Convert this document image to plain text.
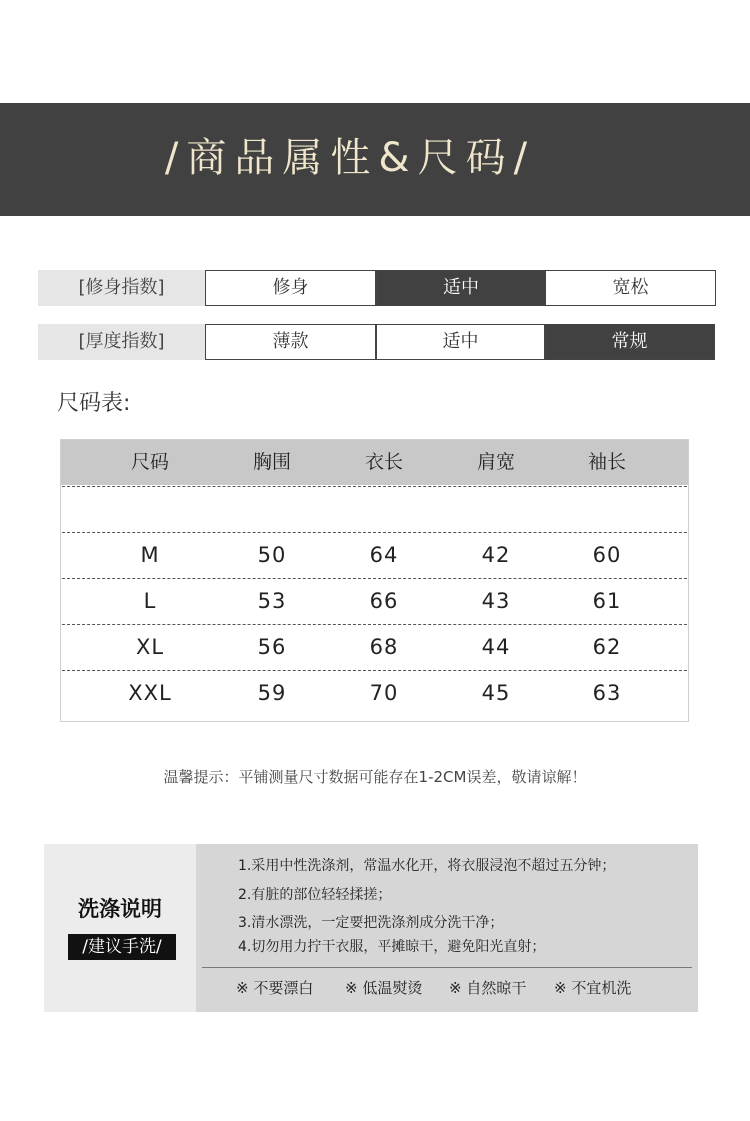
/商品属性&尺码/
[修身指数]	修身	适中	宽松
[厚度指数]	薄款	适中	常规
尺码表:
尺码	胸围	衣长	肩宽	袖长
M	50	64	42	60
L	53	66	43	61
XL	56	68	44	62
XXL	59	70	45	63
温馨提示：平铺测量尺寸数据可能存在1-2CM误差，敬请谅解！
洗涤说明
/建议手洗/
1.采用中性洗涤剂，常温水化开，将衣服浸泡不超过五分钟；
2.有脏的部位轻轻揉搓；
3.清水漂洗，一定要把洗涤剂成分洗干净；
4.切勿用力拧干衣服，平摊晾干，避免阳光直射；
※ 不要漂白 ※ 低温熨烫 ※ 自然晾干 ※ 不宜机洗
